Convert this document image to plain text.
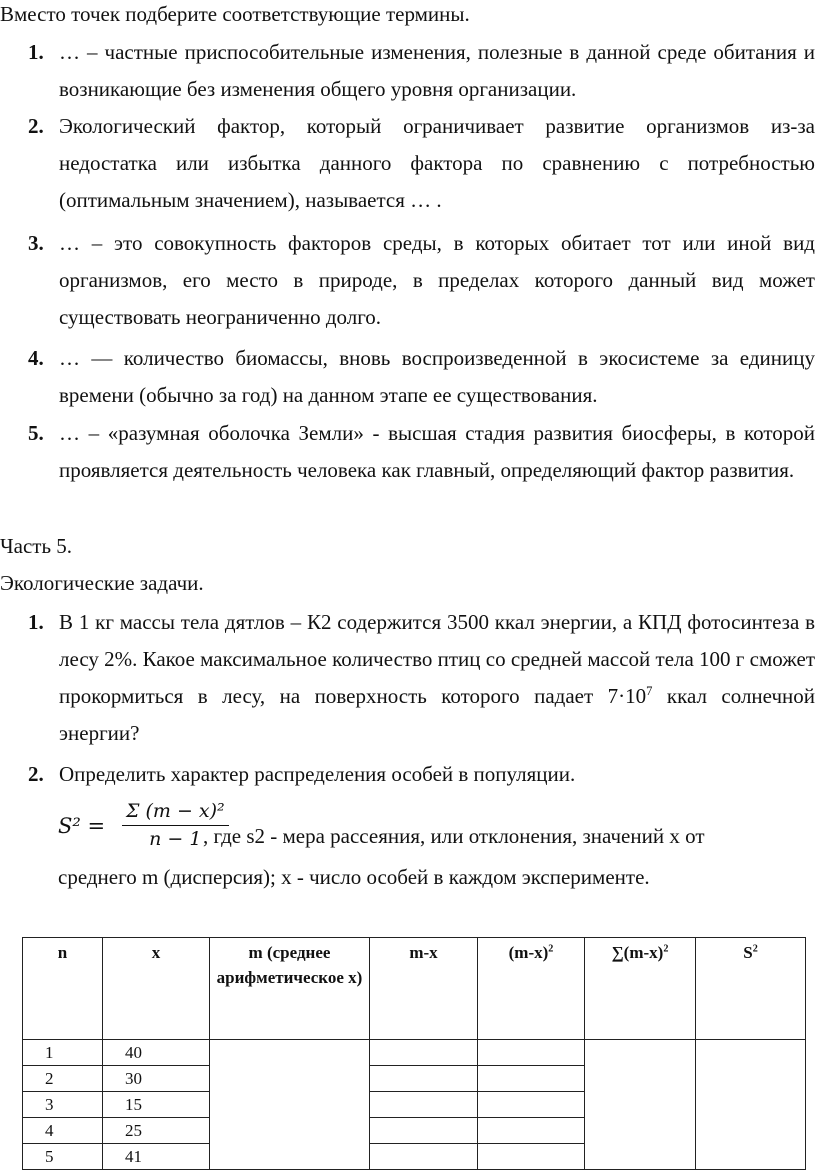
Вместо точек подберите соответствующие термины.
1. … – частные приспособительные изменения, полезные в данной среде обитания и возникающие без изменения общего уровня организации.
2. Экологический фактор, который ограничивает развитие организмов из-за недостатка или избытка данного фактора по сравнению с потребностью (оптимальным значением), называется … .
3. … – это совокупность факторов среды, в которых обитает тот или иной вид организмов, его место в природе, в пределах которого данный вид может существовать неограниченно долго.
4. … — количество биомассы, вновь воспроизведенной в экосистеме за единицу времени (обычно за год) на данном этапе ее существования.
5. … – «разумная оболочка Земли» - высшая стадия развития биосферы, в которой проявляется деятельность человека как главный, определяющий фактор развития.
Часть 5.
Экологические задачи.
1. В 1 кг массы тела дятлов – К2 содержится 3500 ккал энергии, а КПД фотосинтеза в лесу 2%. Какое максимальное количество птиц со средней массой тела 100 г сможет прокормиться в лесу, на поверхность которого падает $7\cdot 10^7$ ккал солнечной энергии?
2. Определить характер распределения особей в популяции.
S² =
Σ (m − x)²
n − 1 , где s2 - мера рассеяния, или отклонения, значений x от
среднего m (дисперсия); x - число особей в каждом эксперименте.
n	x	m (среднее арифметическое x)	m-x	$(m-x)^2$	$\sum(m-x)^2$	$S^2$
1	40					
2	30					
3	15					
4	25					
5	41					
